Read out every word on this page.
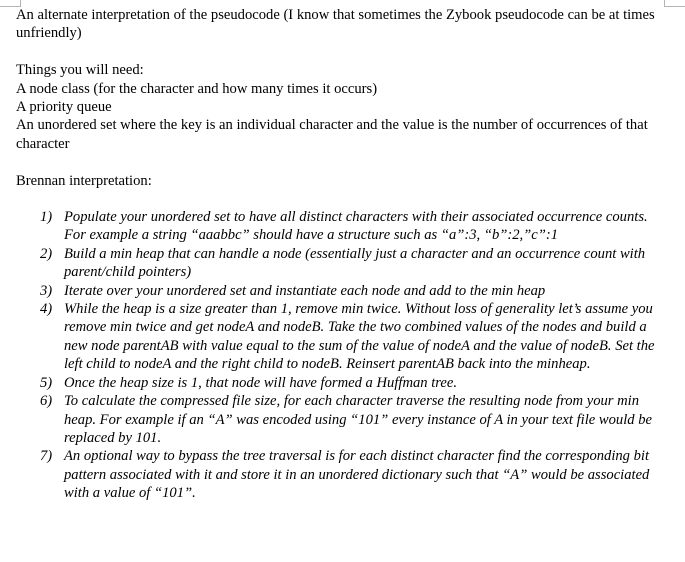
An alternate interpretation of the pseudocode (I know that sometimes the Zybook pseudocode can be at times unfriendly)

Things you will need:

A node class (for the character and how many times it occurs)

A priority queue

An unordered set where the key is an individual character and the value is the number of occurrences of that character

Brennan interpretation:

1) Populate your unordered set to have all distinct characters with their associated occurrence counts. For example a string “aaabbc” should have a structure such as “a”:3, “b”:2,”c”:1
2) Build a min heap that can handle a node (essentially just a character and an occurrence count with parent/child pointers)
3) Iterate over your unordered set and instantiate each node and add to the min heap
4) While the heap is a size greater than 1, remove min twice. Without loss of generality let’s assume you remove min twice and get nodeA and nodeB. Take the two combined values of the nodes and build a new node parentAB with value equal to the sum of the value of nodeA and the value of nodeB. Set the left child to nodeA and the right child to nodeB. Reinsert parentAB back into the minheap.
5) Once the heap size is 1, that node will have formed a Huffman tree.
6) To calculate the compressed file size, for each character traverse the resulting node from your min heap. For example if an “A” was encoded using “101” every instance of A in your text file would be replaced by 101.
7) An optional way to bypass the tree traversal is for each distinct character find the corresponding bit pattern associated with it and store it in an unordered dictionary such that “A” would be associated with a value of “101”.
